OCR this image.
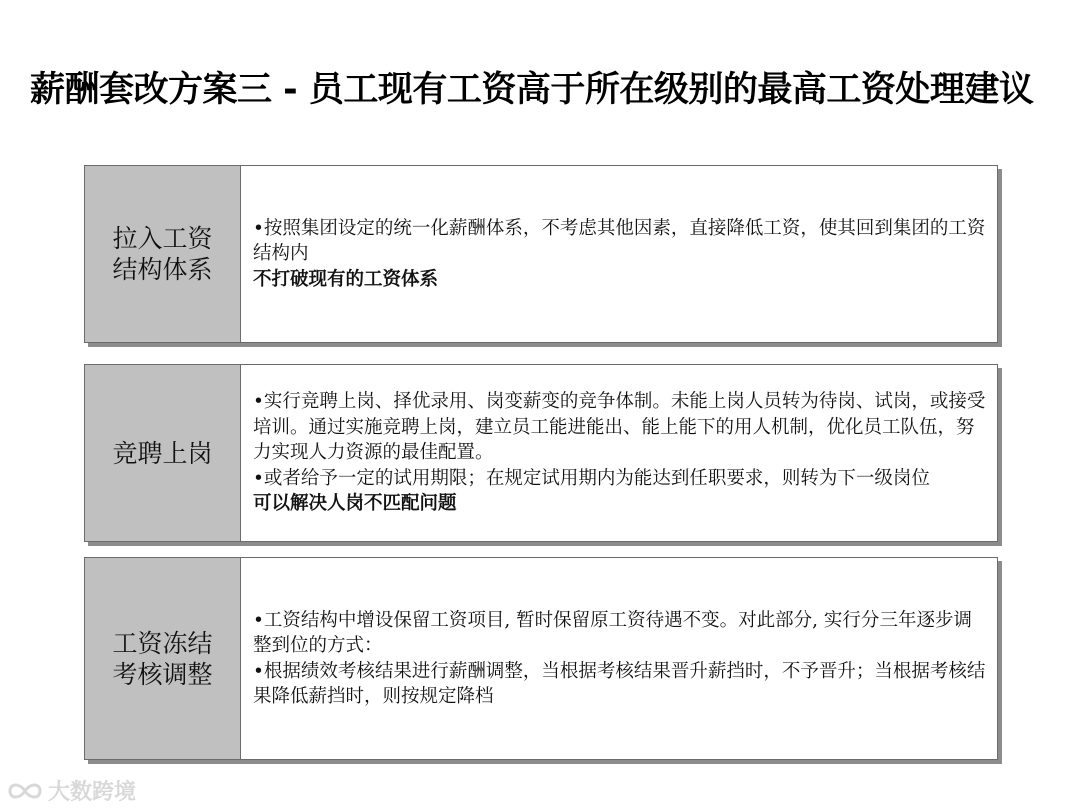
薪酬套改方案三 - 员工现有工资高于所在级别的最高工资处理建议
拉入工资
结构体系

•按照集团设定的统一化薪酬体系，不考虑其他因素，直接降低工资，使其回到集团的工资结构内

不打破现有的工资体系

竞聘上岗

•实行竞聘上岗、择优录用、岗变薪变的竞争体制。未能上岗人员转为待岗、试岗，或接受培训。通过实施竞聘上岗，建立员工能进能出、能上能下的用人机制，优化员工队伍，努力实现人力资源的最佳配置。

•或者给予一定的试用期限；在规定试用期内为能达到任职要求，则转为下一级岗位

可以解决人岗不匹配问题

工资冻结
考核调整

•工资结构中增设保留工资项目, 暂时保留原工资待遇不变。对此部分, 实行分三年逐步调整到位的方式：

•根据绩效考核结果进行薪酬调整，当根据考核结果晋升薪挡时，不予晋升；当根据考核结果降低薪挡时，则按规定降档

大数跨境
